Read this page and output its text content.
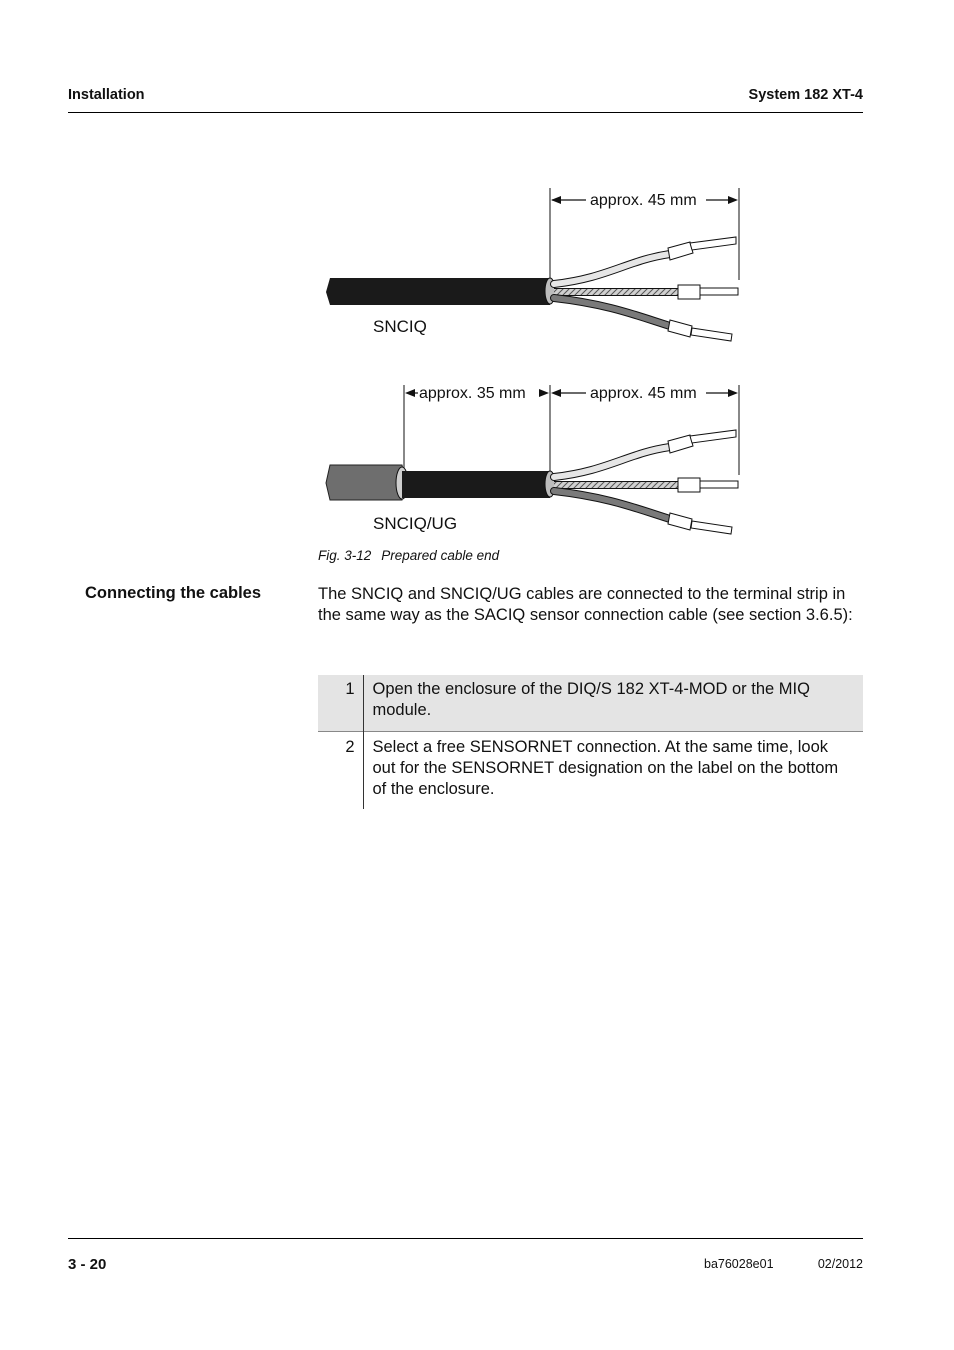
Installation	System 182 XT-4
approx. 45 mm
SNCIQ
approx. 35 mm	approx. 45 mm
SNCIQ/UG
Fig. 3-12 Prepared cable end
Connecting the cables	The SNCIQ and SNCIQ/UG cables are connected to the terminal strip in the same way as the SACIQ sensor connection cable (see section 3.6.5):
1	Open the enclosure of the DIQ/S 182 XT-4-MOD or the MIQ module.
2	Select a free SENSORNET connection. At the same time, look out for the SENSORNET designation on the label on the bottom of the enclosure.
3 - 20	ba76028e01	02/2012
